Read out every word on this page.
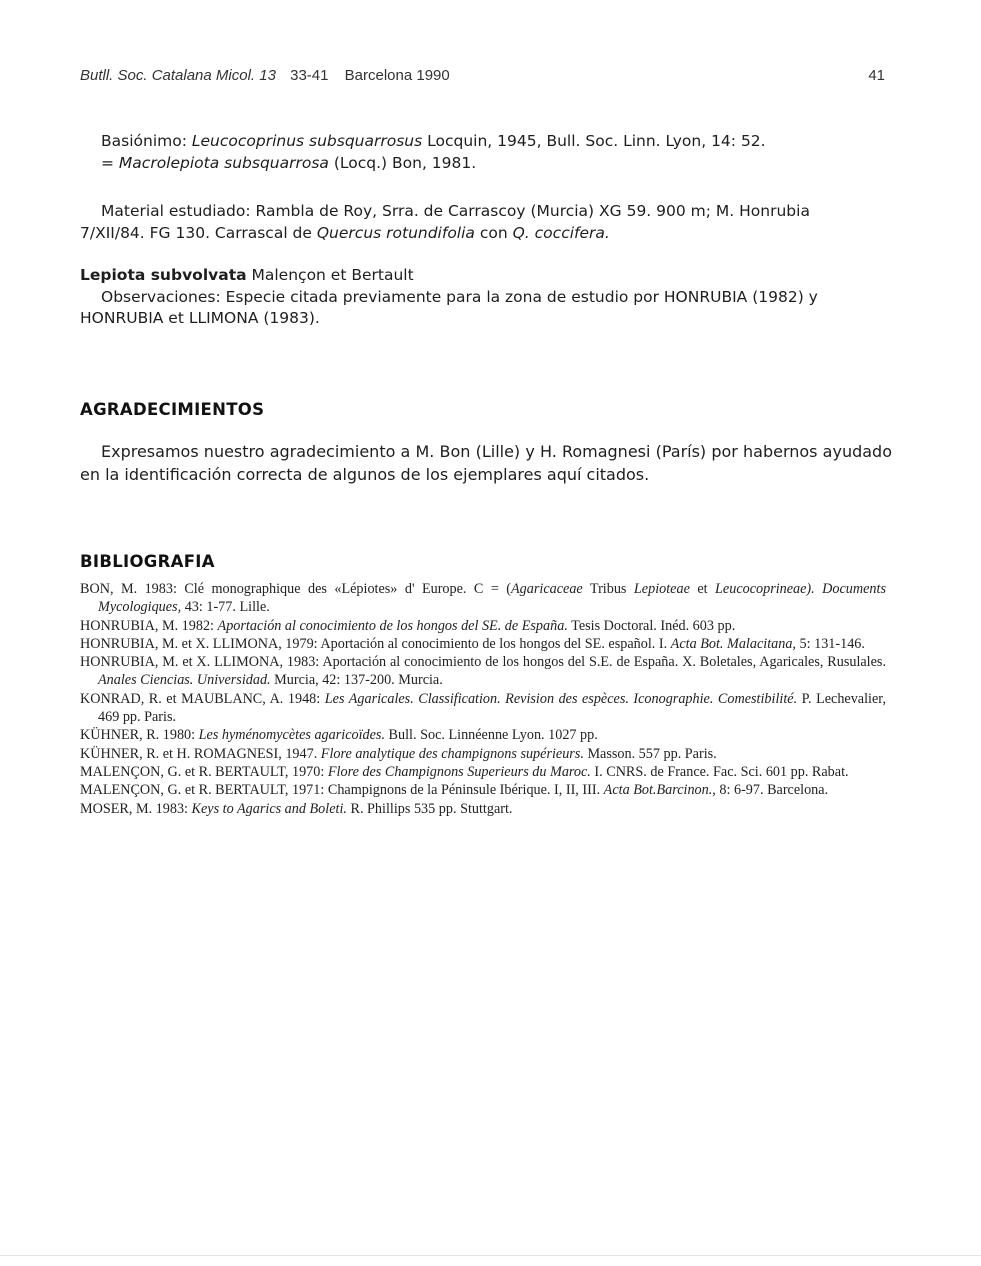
Butll. Soc. Catalana Micol. 13 33-41 Barcelona 1990	41

Basiónimo: Leucocoprinus subsquarrosus Locquin, 1945, Bull. Soc. Linn. Lyon, 14: 52.

= Macrolepiota subsquarrosa (Locq.) Bon, 1981.

Material estudiado: Rambla de Roy, Srra. de Carrascoy (Murcia) XG 59. 900 m; M. Honrubia

7/XII/84. FG 130. Carrascal de Quercus rotundifolia con Q. coccifera.

Lepiota subvolvata Malençon et Bertault

Observaciones: Especie citada previamente para la zona de estudio por HONRUBIA (1982) y

HONRUBIA et LLIMONA (1983).

AGRADECIMIENTOS
Expresamos nuestro agradecimiento a M. Bon (Lille) y H. Romagnesi (París) por habernos ayudado en la identificación correcta de algunos de los ejemplares aquí citados.
BIBLIOGRAFIA

BON, M. 1983: Clé monographique des «Lépiotes» d' Europe. C = (Agaricaceae Tribus Lepioteae et Leucocoprineae). Documents Mycologiques, 43: 1-77. Lille.

HONRUBIA, M. 1982: Aportación al conocimiento de los hongos del SE. de España. Tesis Doctoral. Inéd. 603 pp.

HONRUBIA, M. et X. LLIMONA, 1979: Aportación al conocimiento de los hongos del SE. español. I. Acta Bot. Malacitana, 5: 131-146.

HONRUBIA, M. et X. LLIMONA, 1983: Aportación al conocimiento de los hongos del S.E. de España. X. Boletales, Agaricales, Rusulales. Anales Ciencias. Universidad. Murcia, 42: 137-200. Murcia.

KONRAD, R. et MAUBLANC, A. 1948: Les Agaricales. Classification. Revision des espèces. Iconographie. Comestibilité. P. Lechevalier, 469 pp. Paris.

KÜHNER, R. 1980: Les hyménomycètes agaricoïdes. Bull. Soc. Linnéenne Lyon. 1027 pp.

KÜHNER, R. et H. ROMAGNESI, 1947. Flore analytique des champignons supérieurs. Masson. 557 pp. Paris.

MALENÇON, G. et R. BERTAULT, 1970: Flore des Champignons Superieurs du Maroc. I. CNRS. de France. Fac. Sci. 601 pp. Rabat.

MALENÇON, G. et R. BERTAULT, 1971: Champignons de la Péninsule Ibérique. I, II, III. Acta Bot.Barcinon., 8: 6-97. Barcelona.

MOSER, M. 1983: Keys to Agarics and Boleti. R. Phillips 535 pp. Stuttgart.
